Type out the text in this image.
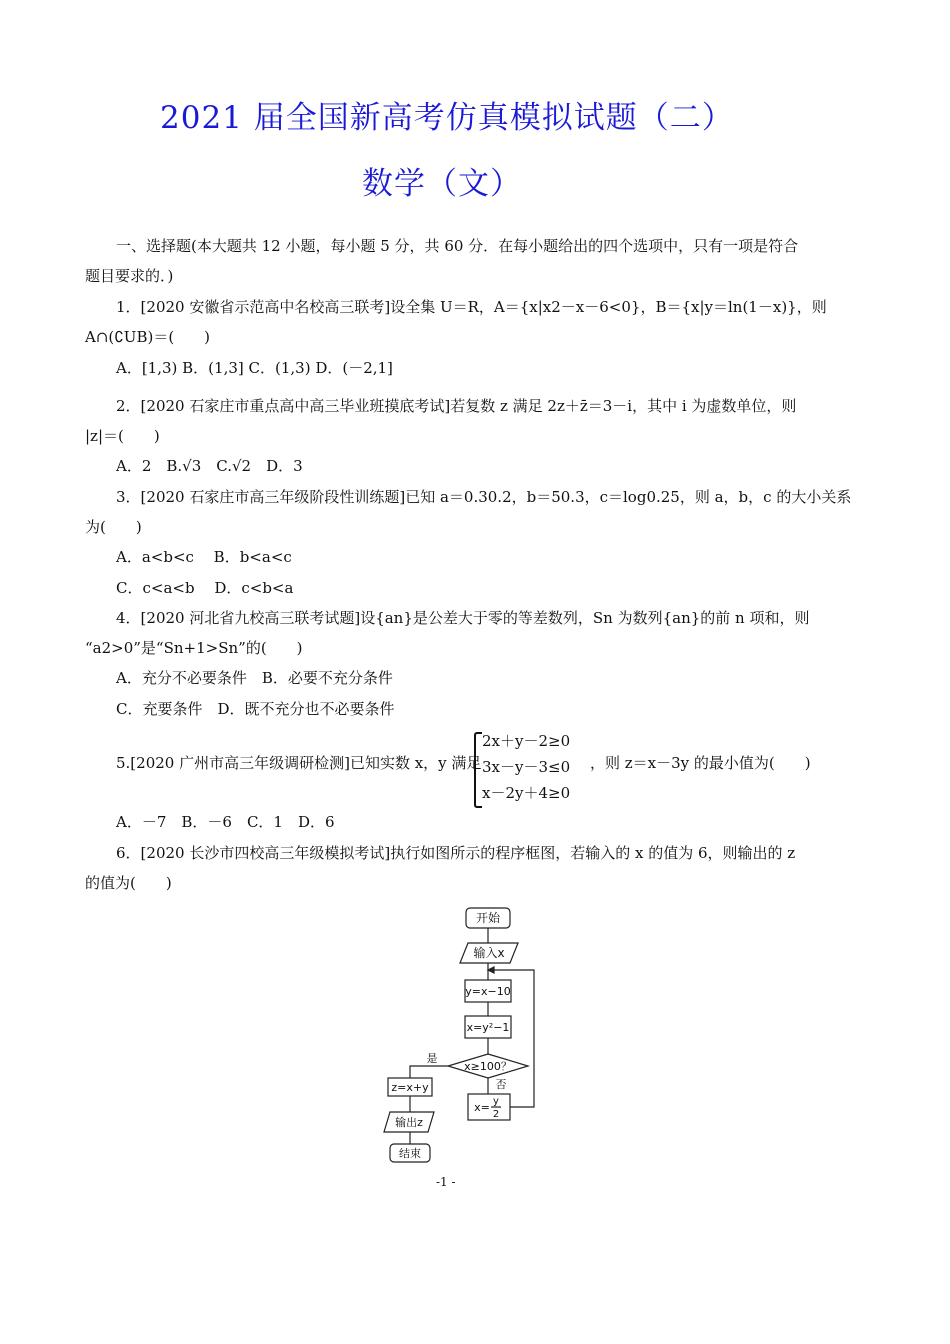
2021 届全国新高考仿真模拟试题（二）
数学（文）
一、选择题(本大题共 12 小题，每小题 5 分，共 60 分．在每小题给出的四个选项中，只有一项是符合
题目要求的．)
1．[2020 安徽省示范高中名校高三联考]设全集 U＝R，A＝{x|x2－x－6<0}，B＝{x|y＝ln(1－x)}，则
A∩(∁UB)＝(　　)
A．[1,3) B．(1,3] C．(1,3) D．(－2,1]
2．[2020 石家庄市重点高中高三毕业班摸底考试]若复数 z 满足 2z＋z̄＝3－i，其中 i 为虚数单位，则
|z|＝(　　)
A．2　B.√3　C.√2　D．3
3．[2020 石家庄市高三年级阶段性训练题]已知 a＝0.30.2，b＝50.3，c＝log0.25，则 a，b，c 的大小关系
为(　　)
A．a<b<c　 B．b<a<c
C．c<a<b　 D．c<b<a
4．[2020 河北省九校高三联考试题]设{an}是公差大于零的等差数列，Sn 为数列{an}的前 n 项和，则
“a2>0”是“Sn+1>Sn”的(　　)
A．充分不必要条件　B．必要不充分条件
C．充要条件　D．既不充分也不必要条件
5.[2020 广州市高三年级调研检测]已知实数 x，y 满足
2x＋y－2≥0
3x－y－3≤0
x－2y＋4≥0
，则 z＝x－3y 的最小值为(　　)
A．－7　B．－6　C．1　D．6
6．[2020 长沙市四校高三年级模拟考试]执行如图所示的程序框图，若输入的 x 的值为 6，则输出的 z
的值为(　　)
开始
输入x
y=x−10
x=y²−1
x≥100？
是
z=x+y
输出z
结束
否
x= y
2
-1 -
